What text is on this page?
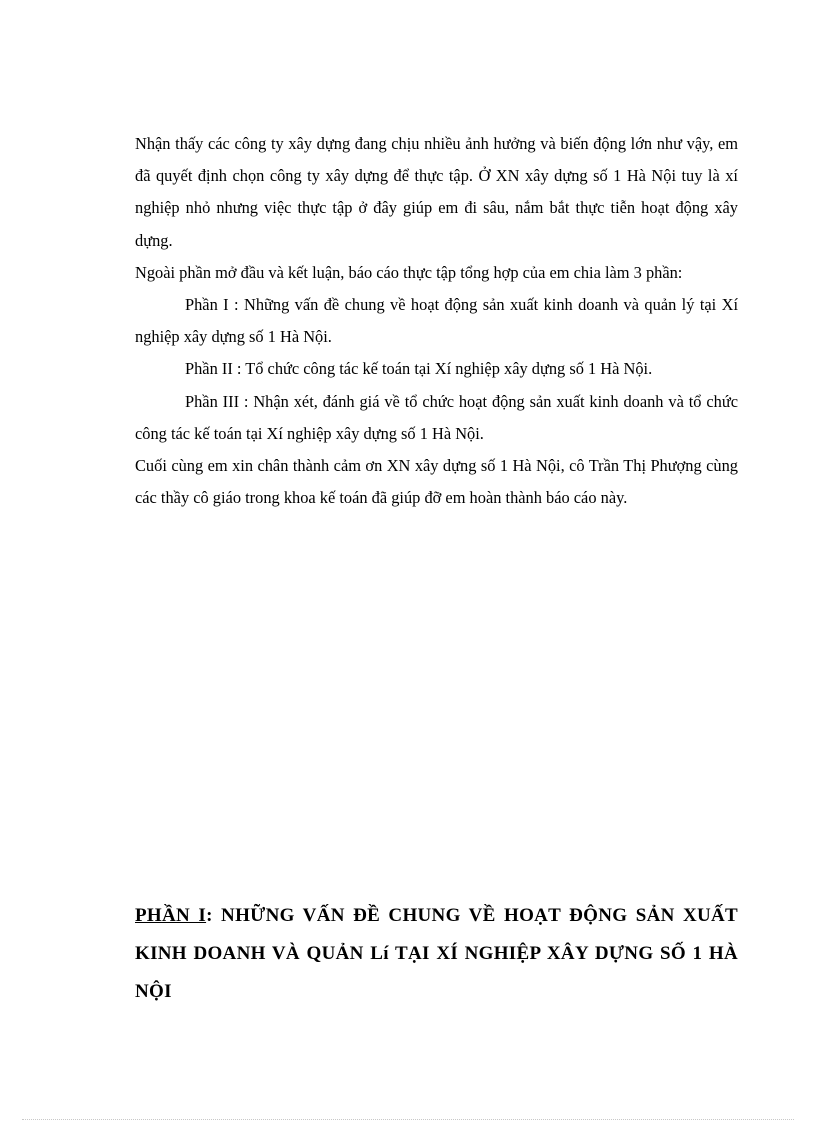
Nhận thấy các công ty xây dựng đang chịu nhiều ảnh hưởng và biến động lớn như vậy, em đã quyết định chọn công ty xây dựng để thực tập. Ở XN xây dựng số 1 Hà Nội tuy là xí nghiệp nhỏ nhưng việc thực tập ở đây giúp em đi sâu, nắm bắt thực tiễn hoạt động xây dựng.

Ngoài phần mở đầu và kết luận, báo cáo thực tập tổng hợp của em chia làm 3 phần:

Phần I : Những vấn đề chung về hoạt động sản xuất kinh doanh và quản lý tại Xí nghiệp xây dựng số 1 Hà Nội.

Phần II : Tổ chức công tác kế toán tại Xí nghiệp xây dựng số 1 Hà Nội.

Phần III : Nhận xét, đánh giá về tổ chức hoạt động sản xuất kinh doanh và tổ chức công tác kế toán tại Xí nghiệp xây dựng số 1 Hà Nội.

Cuối cùng em xin chân thành cảm ơn XN xây dựng số 1 Hà Nội, cô Trần Thị Phượng cùng các thầy cô giáo trong khoa kế toán đã giúp đỡ em hoàn thành báo cáo này.

PHẦN I: NHỮNG VẤN ĐỀ CHUNG VỀ HOẠT ĐỘNG SẢN XUẤT KINH DOANH VÀ QUẢN Lí TẠI XÍ NGHIỆP XÂY DỰNG SỐ 1 HÀ NỘI
